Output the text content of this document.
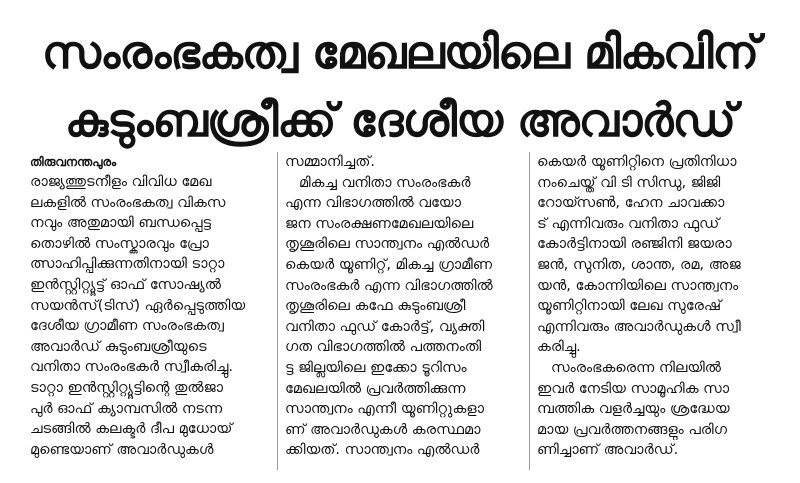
സംരംഭകത്വ മേഖലയിലെ മികവിന്
കുടുംബശ്രീക്ക് ദേശീയ അവാർഡ്
തിരുവനന്തപുരം
രാജ്യത്തുടനീളം വിവിധ മേഖ
ലകളിൽ സംരംഭകത്വ വികസ
നവും അതുമായി ബന്ധപ്പെട്ട
തൊഴിൽ സംസ്കാരവും പ്രോ
ത്സാഹിപ്പിക്കുന്നതിനായി ടാറ്റാ
ഇൻസ്റ്റിറ്റ്യൂട്ട് ഓഫ് സോഷ്യൽ
സയൻസ്(ടിസ്) ഏർപ്പെടുത്തിയ
ദേശീയ ഗ്രാമീണ സംരംഭകത്വ
അവാർഡ് കുടുംബശ്രീയുടെ
വനിതാ സംരംഭകർ സ്വീകരിച്ചു.
ടാറ്റാ ഇൻസ്റ്റിറ്റ്യൂട്ടിന്റെ തുൽജാ
പുർ ഓഫ് ക്യാമ്പസിൽ നടന്ന
ചടങ്ങിൽ കലക്ടർ ദീപ മുധോയ്
മുണ്ടെയാണ് അവാർഡുകൾ
സമ്മാനിച്ചത്.
മികച്ച വനിതാ സംരംഭകർ
എന്ന വിഭാഗത്തിൽ വയോ
ജന സംരക്ഷണമേഖലയിലെ
തൃശൂരിലെ സാന്ത്വനം എൽഡർ
കെയർ യൂണിറ്റ്, മികച്ച ഗ്രാമീണ
സംരംഭകർ എന്ന വിഭാഗത്തിൽ
തൃശൂരിലെ കഫേ കുടുംബശ്രീ
വനിതാ ഫുഡ് കോർട്ട്, വ്യക്തി
ഗത വിഭാഗത്തിൽ പത്തനംതി
ട്ട ജില്ലയിലെ ഇക്കോ ടൂറിസം
മേഖലയിൽ പ്രവർത്തിക്കുന്ന
സാന്ത്വനം എന്നീ യൂണിറ്റുകളാ
ണ് അവാർഡുകൾ കരസ്ഥമാ
ക്കിയത്. സാന്ത്വനം എൽഡർ
കെയർ യൂണിറ്റിനെ പ്രതിനിധാ
നംചെയ്ത് വി ടി സിന്ധു, ജിജി
റോയ്സൺ, ഹേന ചാവക്കാ
ട് എന്നിവരും വനിതാ ഫുഡ്
കോർട്ടിനായി രഞ്ജിനി ജയരാ
ജൻ, സുനിത, ശാന്ത, രമ, അജ
യൻ, കോന്നിയിലെ സാന്ത്വനം
യൂണിറ്റിനായി ലേഖ സുരേഷ്
എന്നിവരും അവാർഡുകൾ സ്വീ
കരിച്ചു.
സംരംഭകരെന്ന നിലയിൽ
ഇവർ നേടിയ സാമൂഹിക സാ
മ്പത്തിക വളർച്ചയും ശ്രദ്ധേയ
മായ പ്രവർത്തനങ്ങളും പരിഗ
ണിച്ചാണ് അവാർഡ്.
